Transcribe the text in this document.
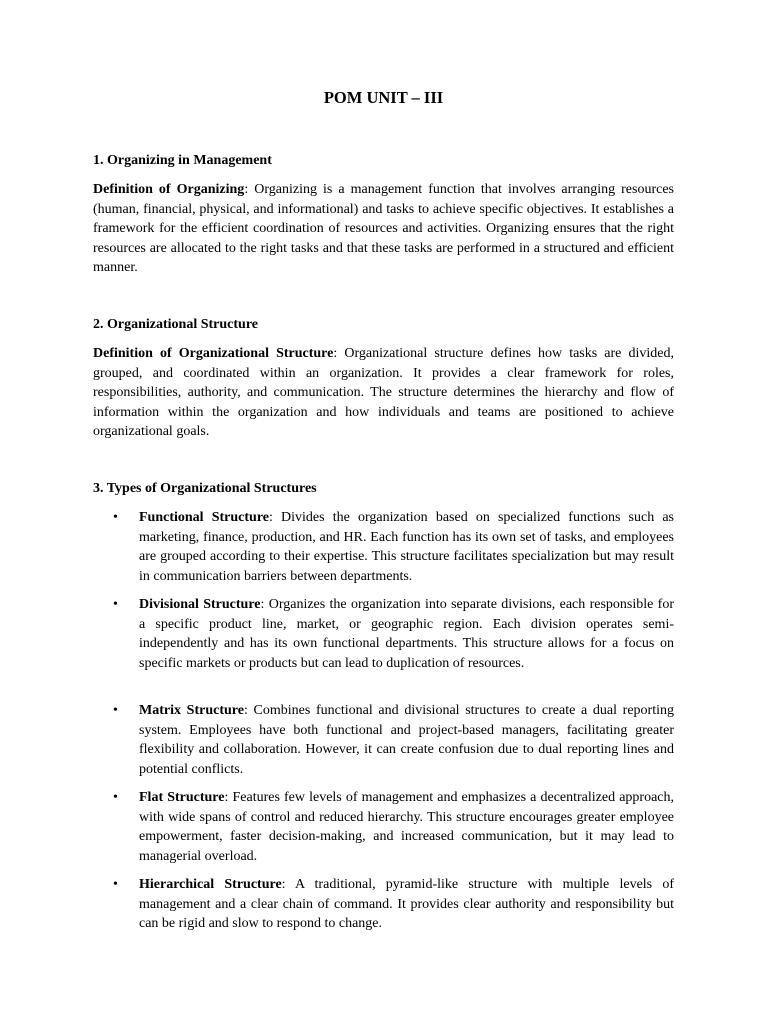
POM UNIT – III
1. Organizing in Management

Definition of Organizing: Organizing is a management function that involves arranging resources (human, financial, physical, and informational) and tasks to achieve specific objectives. It establishes a framework for the efficient coordination of resources and activities. Organizing ensures that the right resources are allocated to the right tasks and that these tasks are performed in a structured and efficient manner.

2. Organizational Structure

Definition of Organizational Structure: Organizational structure defines how tasks are divided, grouped, and coordinated within an organization. It provides a clear framework for roles, responsibilities, authority, and communication. The structure determines the hierarchy and flow of information within the organization and how individuals and teams are positioned to achieve organizational goals.

3. Types of Organizational Structures
• Functional Structure: Divides the organization based on specialized functions such as marketing, finance, production, and HR. Each function has its own set of tasks, and employees are grouped according to their expertise. This structure facilitates specialization but may result in communication barriers between departments.
• Divisional Structure: Organizes the organization into separate divisions, each responsible for a specific product line, market, or geographic region. Each division operates semi-independently and has its own functional departments. This structure allows for a focus on specific markets or products but can lead to duplication of resources.
• Matrix Structure: Combines functional and divisional structures to create a dual reporting system. Employees have both functional and project-based managers, facilitating greater flexibility and collaboration. However, it can create confusion due to dual reporting lines and potential conflicts.
• Flat Structure: Features few levels of management and emphasizes a decentralized approach, with wide spans of control and reduced hierarchy. This structure encourages greater employee empowerment, faster decision-making, and increased communication, but it may lead to managerial overload.
• Hierarchical Structure: A traditional, pyramid-like structure with multiple levels of management and a clear chain of command. It provides clear authority and responsibility but can be rigid and slow to respond to change.
